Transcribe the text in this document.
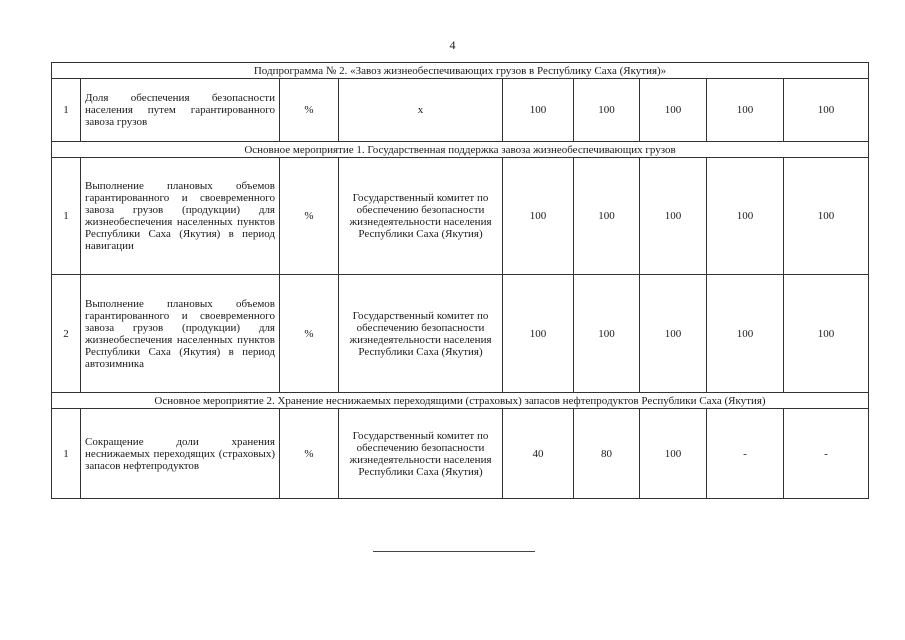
4
Подпрограмма № 2. «Завоз жизнеобеспечивающих грузов в Республику Саха (Якутия)»								
1	Доля обеспечения безопасности населения путем гарантированного завоза грузов	%	х	100	100	100	100	100
Основное мероприятие 1. Государственная поддержка завоза жизнеобеспечивающих грузов								
1	Выполнение плановых объемов гарантированного и своевременного завоза грузов (продукции) для жизнеобеспечения населенных пунктов Республики Саха (Якутия) в период навигации	%	Государственный комитет по обеспечению безопасности жизнедеятельности населения Республики Саха (Якутия)	100	100	100	100	100
2	Выполнение плановых объемов гарантированного и своевременного завоза грузов (продукции) для жизнеобеспечения населенных пунктов Республики Саха (Якутия) в период автозимника	%	Государственный комитет по обеспечению безопасности жизнедеятельности населения Республики Саха (Якутия)	100	100	100	100	100
Основное мероприятие 2. Хранение неснижаемых переходящими (страховых) запасов нефтепродуктов Республики Саха (Якутия)								
1	Сокращение доли хранения неснижаемых переходящих (страховых) запасов нефтепродуктов	%	Государственный комитет по обеспечению безопасности жизнедеятельности населения Республики Саха (Якутия)	40	80	100	-	-
